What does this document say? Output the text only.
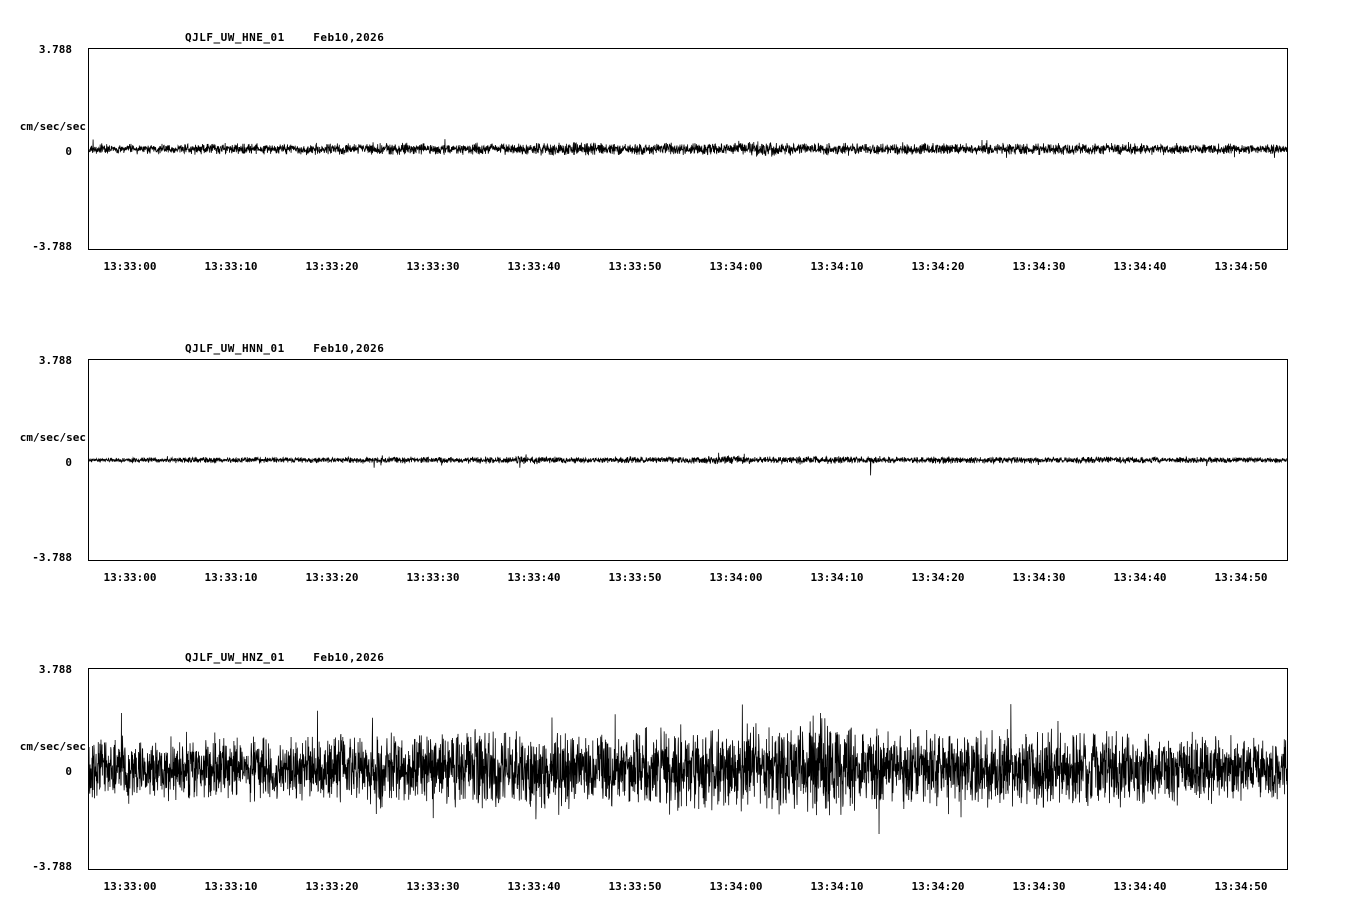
QJLF_UW_HNE_01    Feb10,2026
cm/sec/sec
3.788
0
-3.788
13:33:00	13:33:10	13:33:20	13:33:30	13:33:40	13:33:50	13:34:00	13:34:10	13:34:20	13:34:30	13:34:40	13:34:50
QJLF_UW_HNN_01    Feb10,2026
cm/sec/sec
3.788
0
-3.788
13:33:00	13:33:10	13:33:20	13:33:30	13:33:40	13:33:50	13:34:00	13:34:10	13:34:20	13:34:30	13:34:40	13:34:50
QJLF_UW_HNZ_01    Feb10,2026
cm/sec/sec
3.788
0
-3.788
13:33:00	13:33:10	13:33:20	13:33:30	13:33:40	13:33:50	13:34:00	13:34:10	13:34:20	13:34:30	13:34:40	13:34:50
